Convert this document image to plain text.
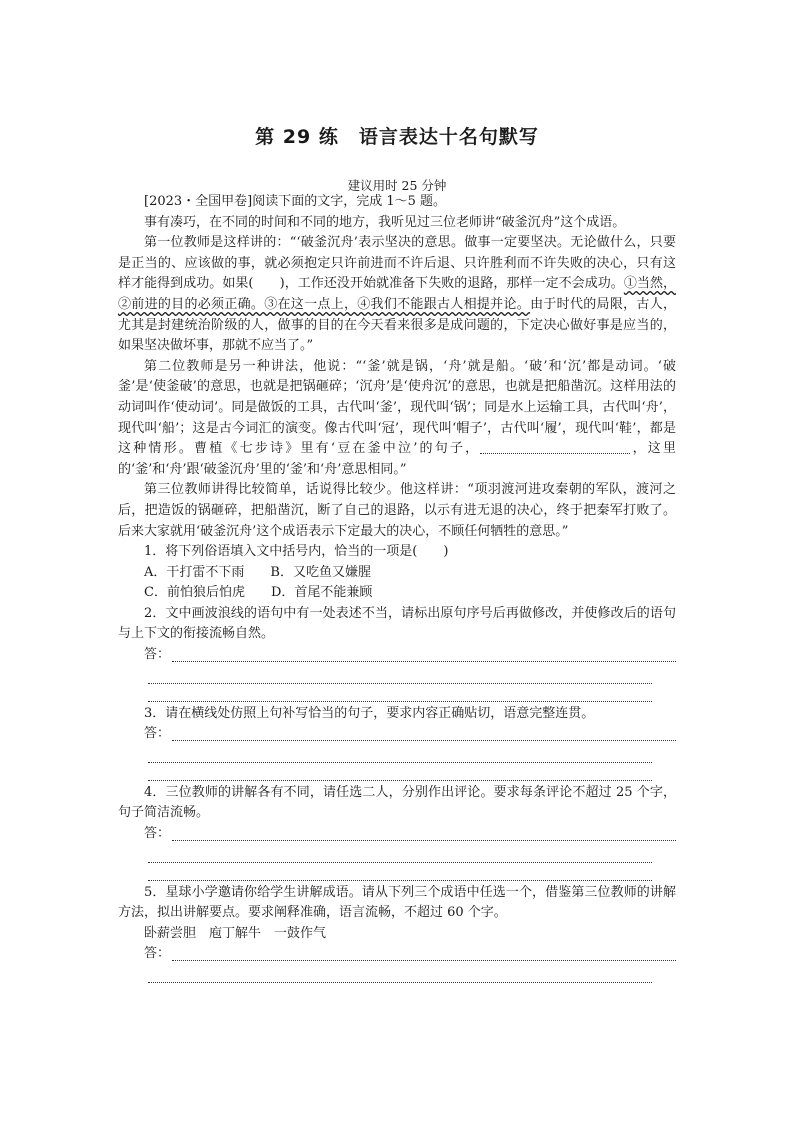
第 29 练　语言表达十名句默写

建议用时 25 分钟

[2023・全国甲卷]阅读下面的文字，完成 1～5 题。

事有凑巧，在不同的时间和不同的地方，我听见过三位老师讲“破釜沉舟”这个成语。

第一位教师是这样讲的：“‘破釜沉舟’表示坚决的意思。做事一定要坚决。无论做什么，只要是正当的、应该做的事，就必须抱定只许前进而不许后退、只许胜利而不许失败的决心，只有这样才能得到成功。如果(　　)，工作还没开始就准备下失败的退路，那样一定不会成功。①当然，②前进的目的必须正确。③在这一点上，④我们不能跟古人相提并论。由于时代的局限，古人，尤其是封建统治阶级的人，做事的目的在今天看来很多是成问题的，下定决心做好事是应当的，如果坚决做坏事，那就不应当了。”

第二位教师是另一种讲法，他说：“‘釜’就是锅，‘舟’就是船。‘破’和‘沉’都是动词。‘破釜’是‘使釜破’的意思，也就是把锅砸碎；‘沉舟’是‘使舟沉’的意思，也就是把船凿沉。这样用法的动词叫作‘使动词’。同是做饭的工具，古代叫‘釜’，现代叫‘锅’；同是水上运输工具，古代叫‘舟’，现代叫‘船’；这是古今词汇的演变。像古代叫‘冠’，现代叫‘帽子’，古代叫‘履’，现代叫‘鞋’，都是这种情形。曹植《七步诗》里有‘豆在釜中泣’的句子，	，这里的‘釜’和‘舟’跟‘破釜沉舟’里的‘釜’和‘舟’意思相同。”

第三位教师讲得比较简单，话说得比较少。他这样讲：“项羽渡河进攻秦朝的军队，渡河之后，把造饭的锅砸碎，把船凿沉，断了自己的退路，以示有进无退的决心，终于把秦军打败了。后来大家就用‘破釜沉舟’这个成语表示下定最大的决心，不顾任何牺牲的意思。”

1．将下列俗语填入文中括号内，恰当的一项是(　　)

A．干打雷不下雨　　B．又吃鱼又嫌腥

C．前怕狼后怕虎　　D．首尾不能兼顾

2．文中画波浪线的语句中有一处表述不当，请标出原句序号后再做修改，并使修改后的语句与上下文的衔接流畅自然。

答：

3．请在横线处仿照上句补写恰当的句子，要求内容正确贴切，语意完整连贯。

答：

4．三位教师的讲解各有不同，请任选二人，分别作出评论。要求每条评论不超过 25 个字，句子简洁流畅。

答：

5．星球小学邀请你给学生讲解成语。请从下列三个成语中任选一个，借鉴第三位教师的讲解方法，拟出讲解要点。要求阐释准确，语言流畅，不超过 60 个字。

卧薪尝胆　庖丁解牛　一鼓作气

答：
